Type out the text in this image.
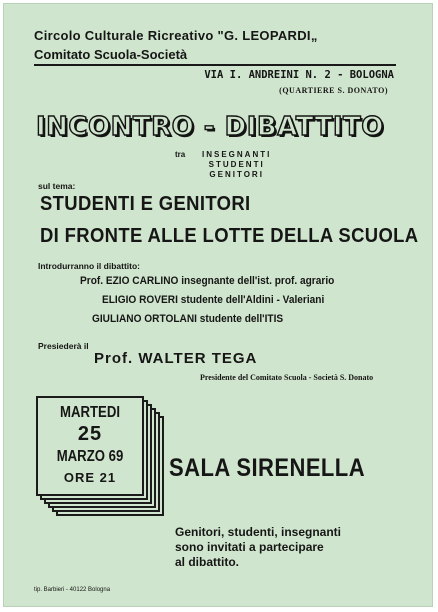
Circolo Culturale Ricreativo "G. LEOPARDI„
Comitato Scuola-Società
VIA I. ANDREINI N. 2 - BOLOGNA
(QUARTIERE S. DONATO)
INCONTRO - DIBATTITO
tra INSEGNANTI
STUDENTI
GENITORI
sul tema:
STUDENTI E GENITORI
DI FRONTE ALLE LOTTE DELLA SCUOLA
Introdurranno il dibattito:
Prof. EZIO CARLINO insegnante dell'ist. prof. agrario
ELIGIO ROVERI studente dell'Aldini - Valeriani
GIULIANO ORTOLANI studente dell'ITIS
Presiederà il
Prof. WALTER TEGA
Presidente del Comitato Scuola - Società S. Donato
MARTEDI
25
MARZO 69
ORE 21	SALA SIRENELLA
Genitori, studenti, insegnanti
sono invitati a partecipare
al dibattito.
tip. Barbieri - 40122 Bologna
